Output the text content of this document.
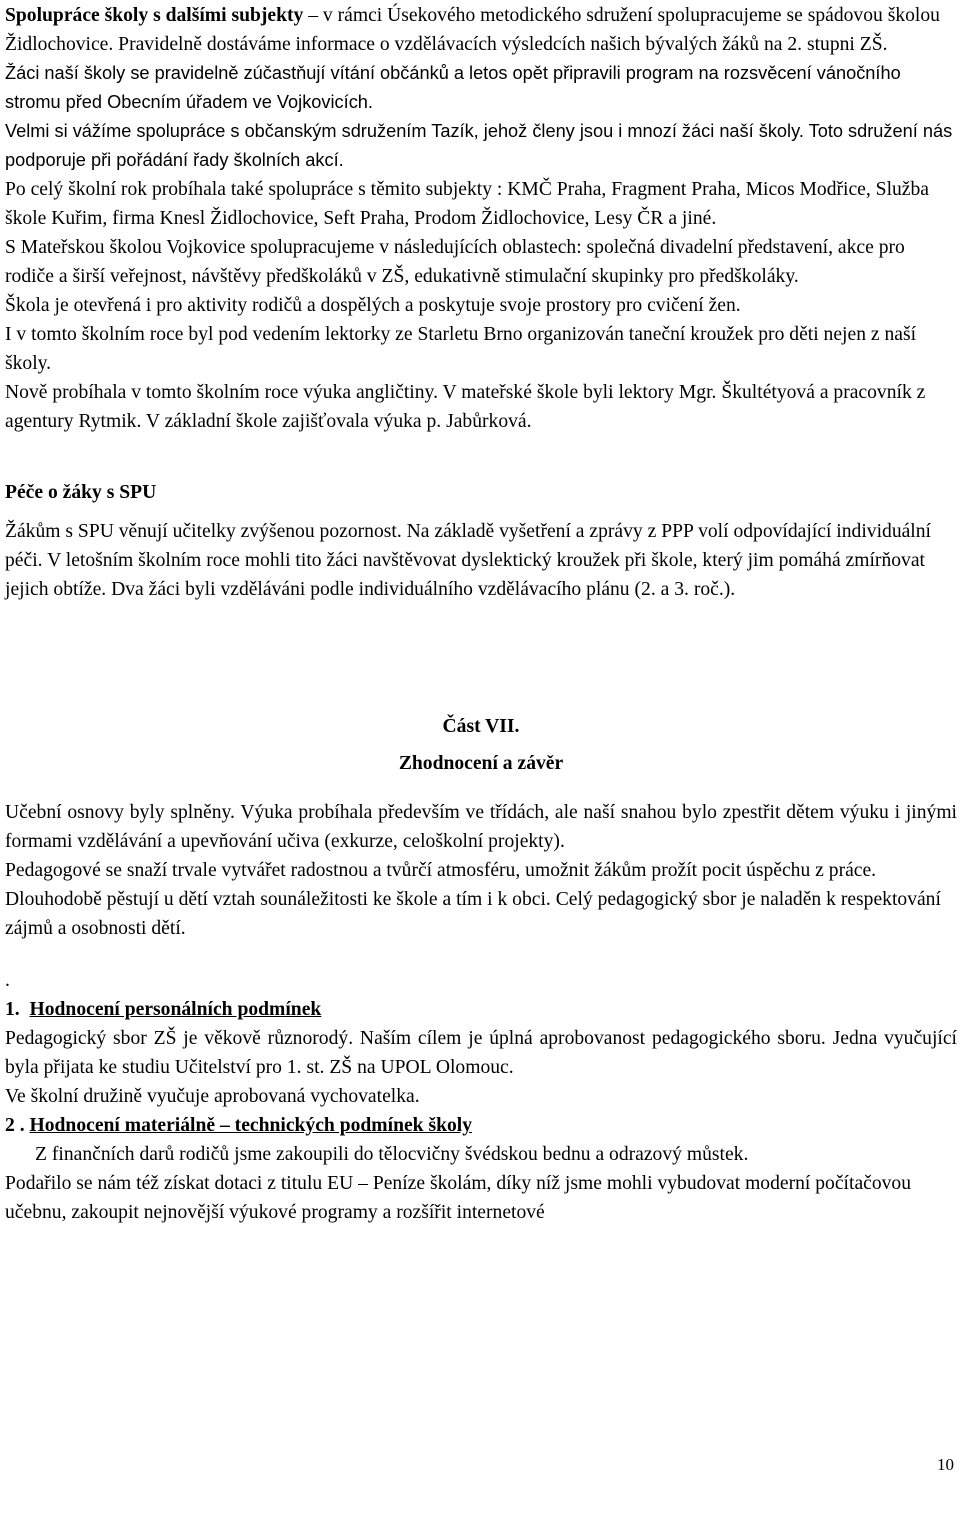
Spolupráce školy s dalšími subjekty – v rámci Úsekového metodického sdružení spolupracujeme se spádovou školou Židlochovice. Pravidelně dostáváme informace o vzdělávacích výsledcích našich bývalých žáků na 2. stupni ZŠ.

Žáci naší školy se pravidelně zúčastňují vítání občánků a letos opět připravili program na rozsvěcení vánočního stromu před Obecním úřadem ve Vojkovicích.

Velmi si vážíme spolupráce s občanským sdružením Tazík, jehož členy jsou i mnozí žáci naší školy. Toto sdružení nás podporuje při pořádání řady školních akcí.

Po celý školní rok probíhala také spolupráce s těmito subjekty : KMČ Praha, Fragment Praha, Micos Modřice, Služba škole Kuřim, firma Knesl Židlochovice, Seft Praha, Prodom Židlochovice, Lesy ČR a jiné.

S Mateřskou školou Vojkovice spolupracujeme v následujících oblastech: společná divadelní představení, akce pro rodiče a širší veřejnost, návštěvy předškoláků v ZŠ, edukativně stimulační skupinky pro předškoláky.

Škola je otevřená i pro aktivity rodičů a dospělých a poskytuje svoje prostory pro cvičení žen.

I v tomto školním roce byl pod vedením lektorky ze Starletu Brno organizován taneční kroužek pro děti nejen z naší školy.

Nově probíhala v tomto školním roce výuka angličtiny. V mateřské škole byli lektory Mgr. Škultétyová a pracovník z agentury Rytmik. V základní škole zajišťovala výuka p. Jabůrková.

Péče o žáky s SPU

Žákům s SPU věnují učitelky zvýšenou pozornost. Na základě vyšetření a zprávy z PPP volí odpovídající individuální péči. V letošním školním roce mohli tito žáci navštěvovat dyslektický kroužek při škole, který jim pomáhá zmírňovat jejich obtíže. Dva žáci byli vzděláváni podle individuálního vzdělávacího plánu (2. a 3. roč.).

Část VII.

Zhodnocení a závěr

Učební osnovy byly splněny. Výuka probíhala především ve třídách, ale naší snahou bylo zpestřit dětem výuku i jinými formami vzdělávání a upevňování učiva (exkurze, celoškolní projekty).

Pedagogové se snaží trvale vytvářet radostnou a tvůrčí atmosféru, umožnit žákům prožít pocit úspěchu z práce.

Dlouhodobě pěstují u dětí vztah sounáležitosti ke škole a tím i k obci. Celý pedagogický sbor je naladěn k respektování zájmů a osobnosti dětí.

.

1. Hodnocení personálních podmínek

Pedagogický sbor ZŠ je věkově různorodý. Naším cílem je úplná aprobovanost pedagogického sboru. Jedna vyučující byla přijata ke studiu Učitelství pro 1. st. ZŠ na UPOL Olomouc.

Ve školní družině vyučuje aprobovaná vychovatelka.

2 . Hodnocení materiálně – technických podmínek školy

Z finančních darů rodičů jsme zakoupili do tělocvičny švédskou bednu a odrazový můstek.

Podařilo se nám též získat dotaci z titulu EU – Peníze školám, díky níž jsme mohli vybudovat moderní počítačovou učebnu, zakoupit nejnovější výukové programy a rozšířit internetové

10
